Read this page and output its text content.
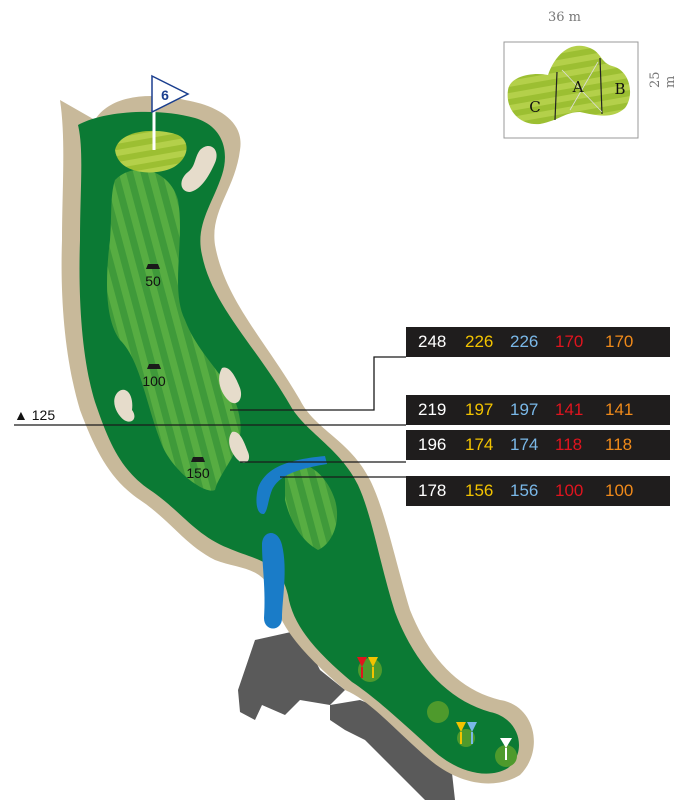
6
50
100
150
▲ 125
A B
C
36 m
25 m
248	226 226 170	170
219	197 197 141	141
196	174 174 118	118
178	156 156 100	100
